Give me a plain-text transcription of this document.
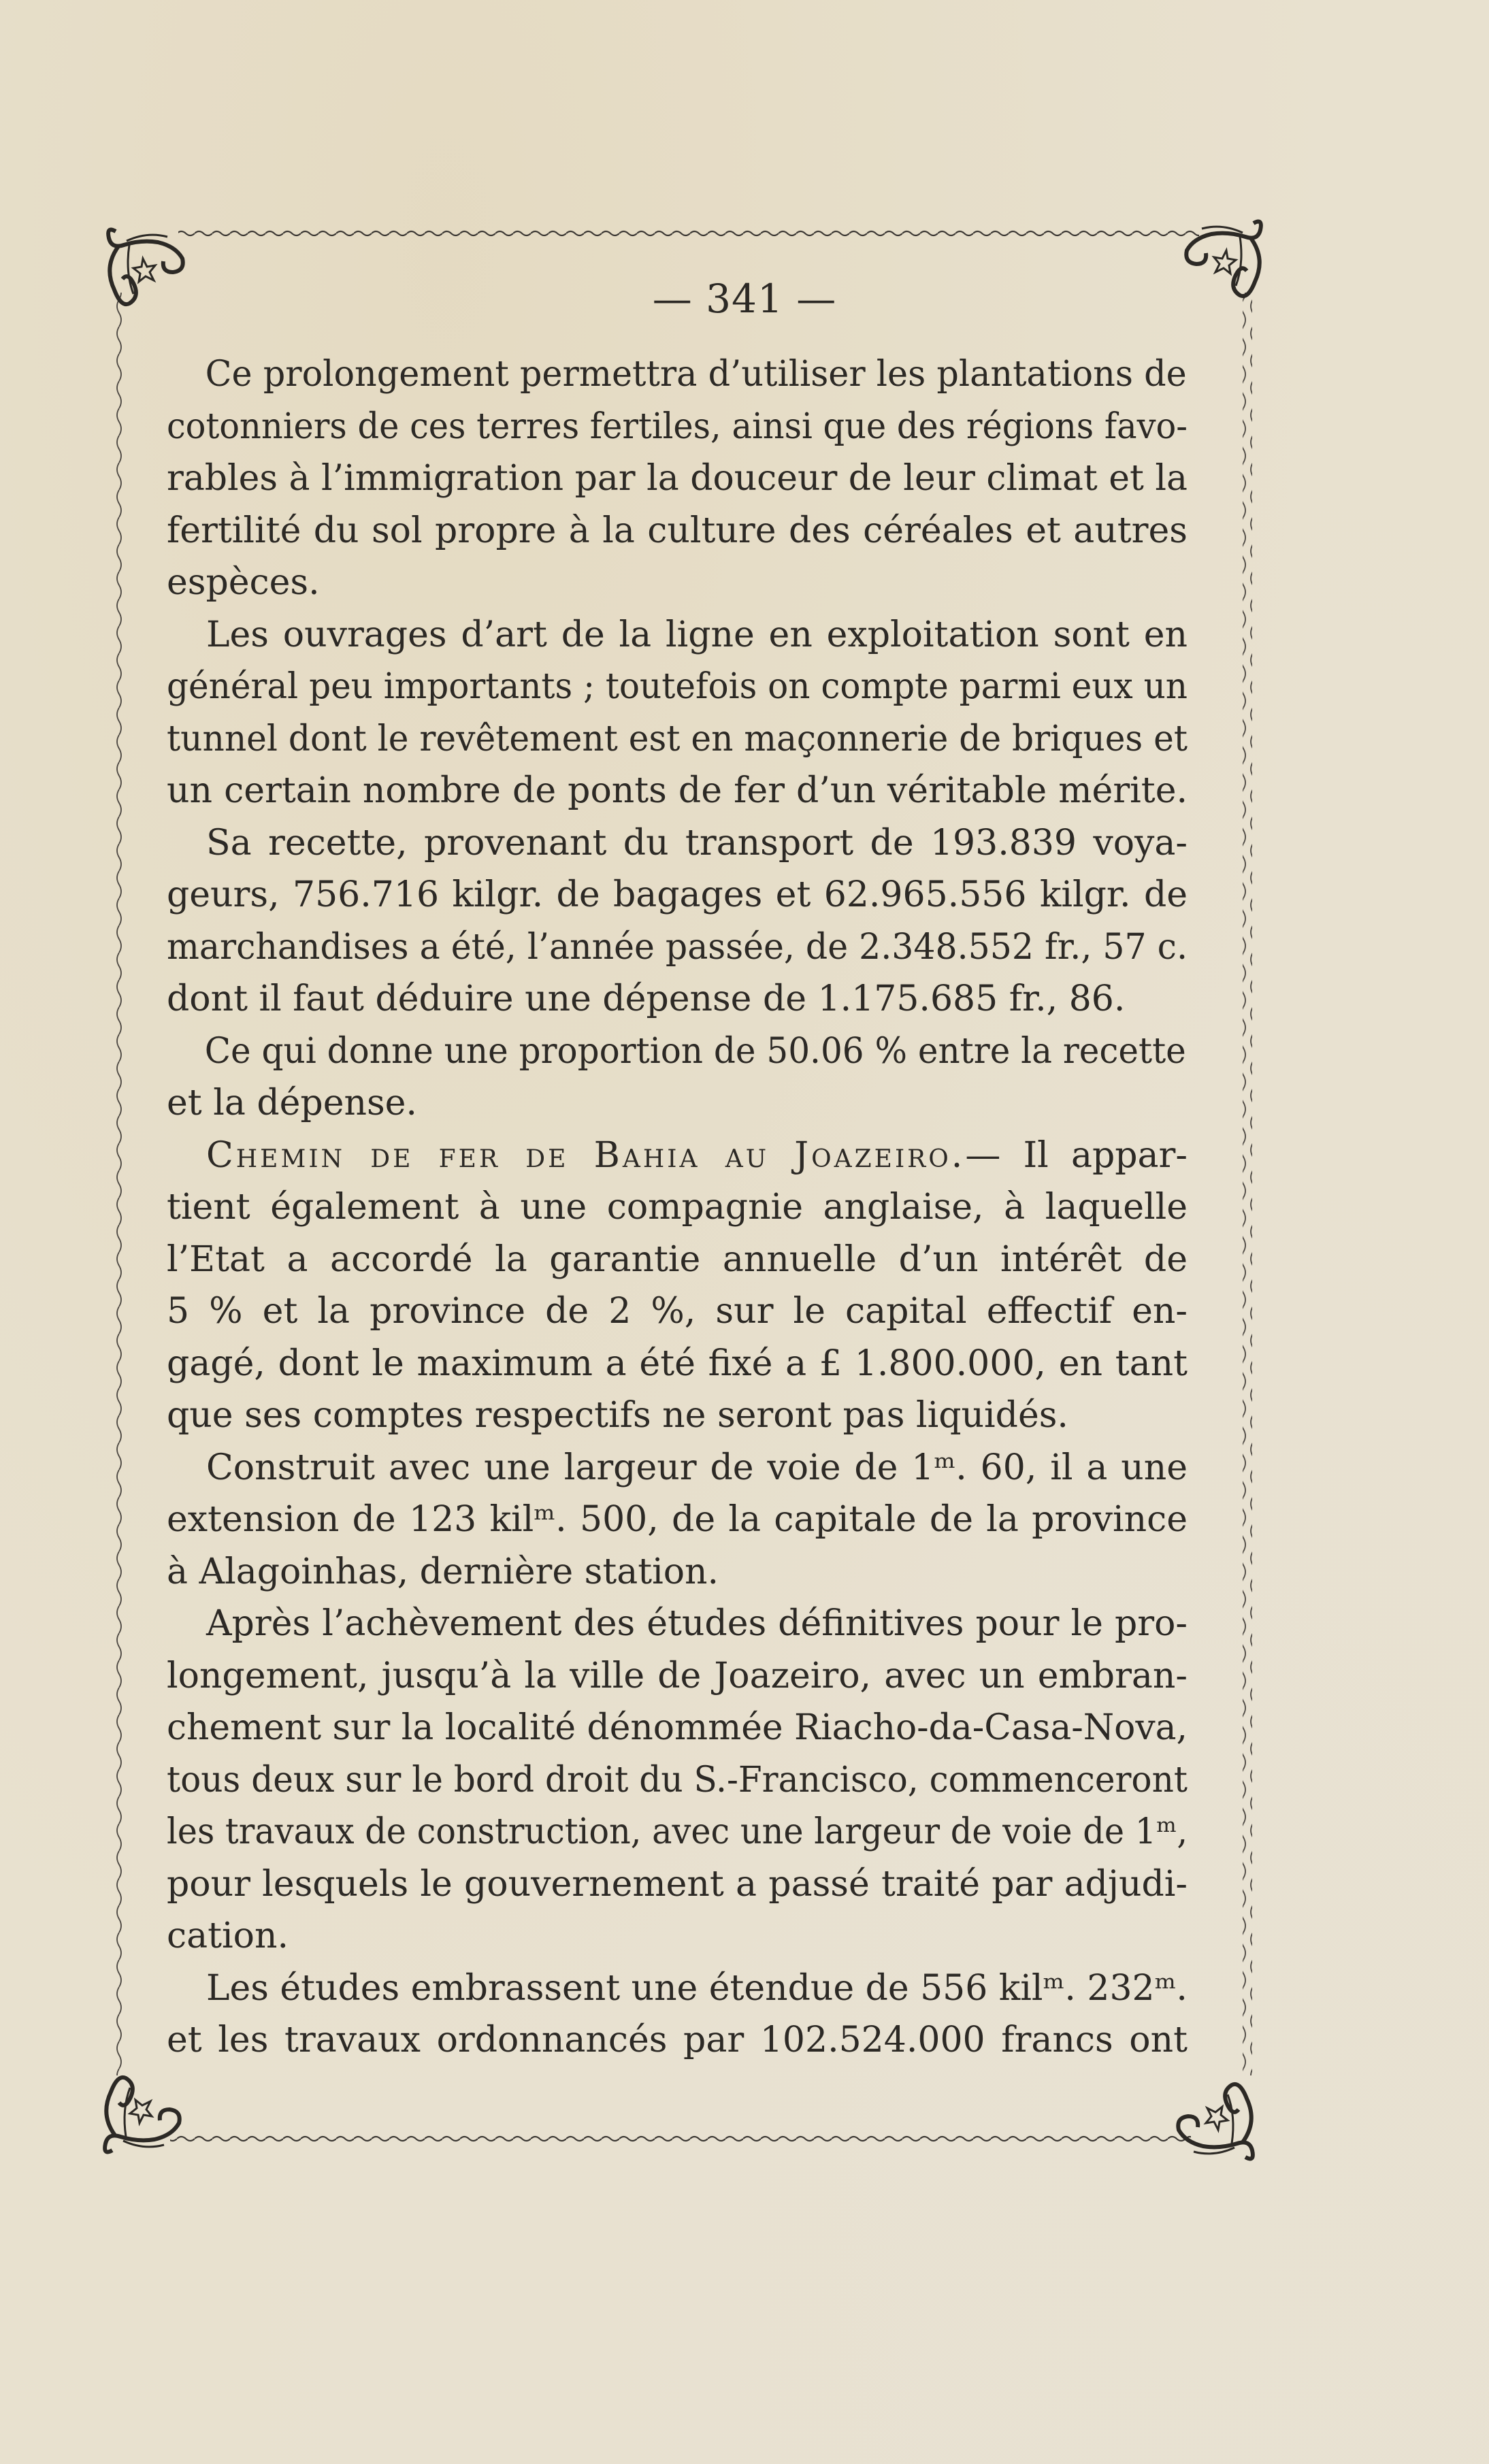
— 341 —
Ce prolongement permettra d’utiliser les plantations de
cotonniers de ces terres fertiles, ainsi que des régions favo-
rables à l’immigration par la douceur de leur climat et la
fertilité du sol propre à la culture des céréales et autres
espèces.
Les ouvrages d’art de la ligne en exploitation sont en
général peu importants ; toutefois on compte parmi eux un
tunnel dont le revêtement est en maçonnerie de briques et
un certain nombre de ponts de fer d’un véritable mérite.
Sa recette, provenant du transport de 193.839 voya-
geurs, 756.716 kilgr. de bagages et 62.965.556 kilgr. de
marchandises a été, l’année passée, de 2.348.552 fr., 57 c.
dont il faut déduire une dépense de 1.175.685 fr., 86.
Ce qui donne une proportion de 50.06 % entre la recette
et la dépense.
Chemin de fer de Bahia au Joazeiro.— Il appar-
tient également à une compagnie anglaise, à laquelle
l’Etat a accordé la garantie annuelle d’un intérêt de
5 % et la province de 2 %, sur le capital effectif en-
gagé, dont le maximum a été fixé a £ 1.800.000, en tant
que ses comptes respectifs ne seront pas liquidés.
Construit avec une largeur de voie de 1ᵐ. 60, il a une
extension de 123 kilᵐ. 500, de la capitale de la province
à Alagoinhas, dernière station.
Après l’achèvement des études définitives pour le pro-
longement, jusqu’à la ville de Joazeiro, avec un embran-
chement sur la localité dénommée Riacho-da-Casa-Nova,
tous deux sur le bord droit du S.-Francisco, commenceront
les travaux de construction, avec une largeur de voie de 1ᵐ,
pour lesquels le gouvernement a passé traité par adjudi-
cation.
Les études embrassent une étendue de 556 kilᵐ. 232ᵐ.
et les travaux ordonnancés par 102.524.000 francs ont
